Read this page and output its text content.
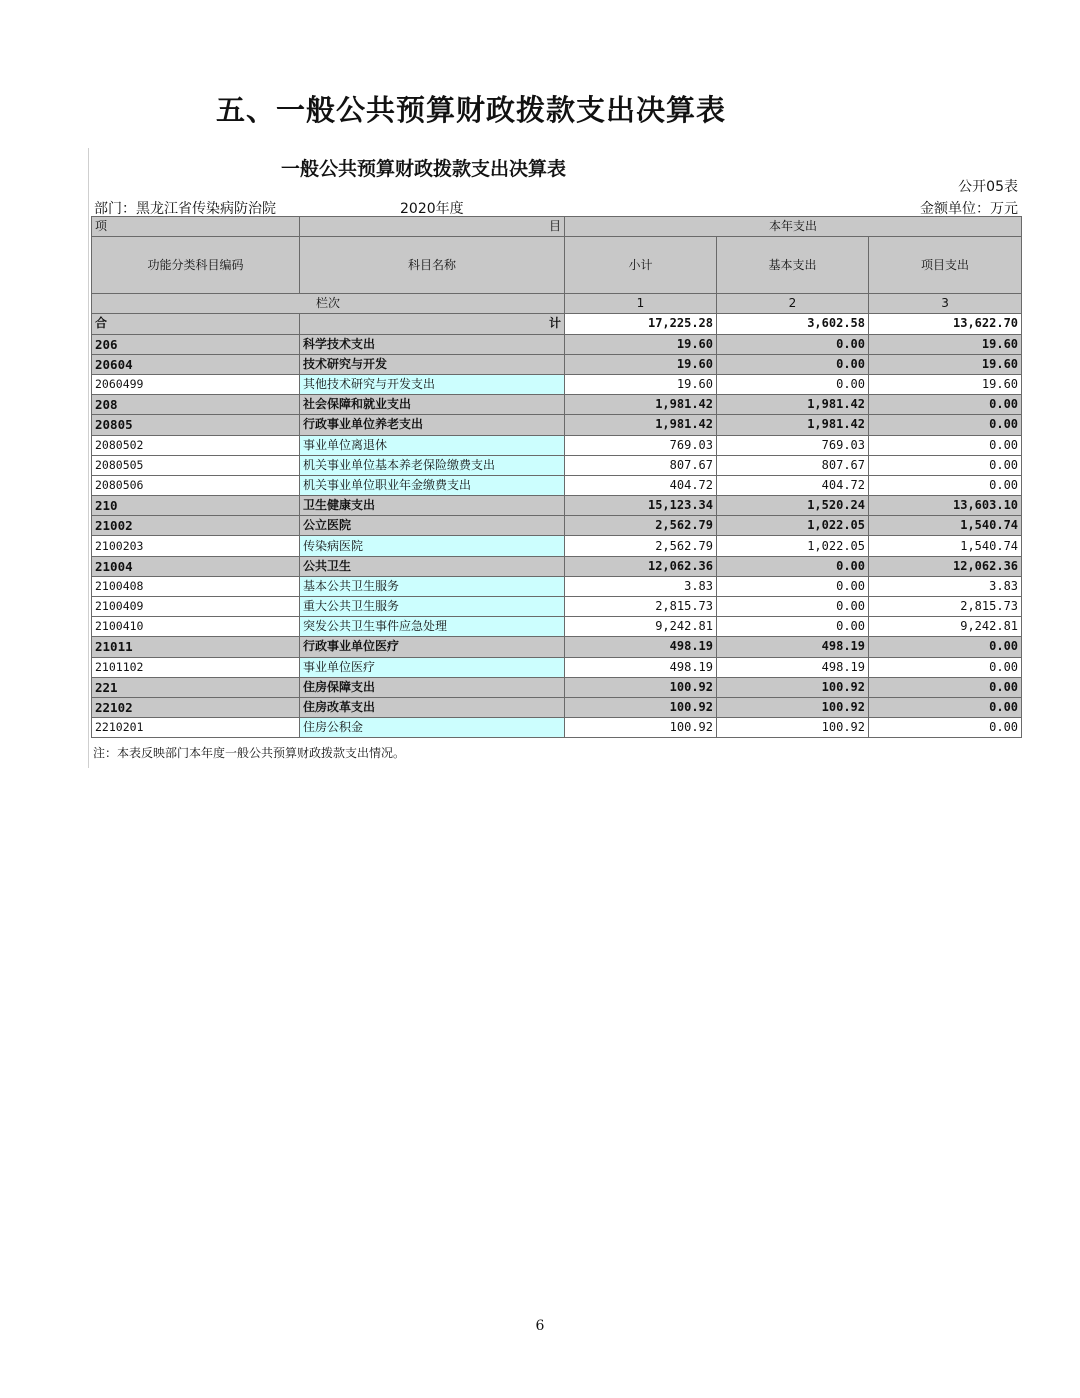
五、一般公共预算财政拨款支出决算表
一般公共预算财政拨款支出决算表
公开05表
部门：黑龙江省传染病防治院	2020年度	金额单位：万元
项	目	本年支出		
功能分类科目编码	科目名称	小计	基本支出	项目支出
栏次		1	2	3
合	计	17,225.28	3,602.58	13,622.70
206	科学技术支出	19.60	0.00	19.60
20604	技术研究与开发	19.60	0.00	19.60
2060499	其他技术研究与开发支出	19.60	0.00	19.60
208	社会保障和就业支出	1,981.42	1,981.42	0.00
20805	行政事业单位养老支出	1,981.42	1,981.42	0.00
2080502	事业单位离退休	769.03	769.03	0.00
2080505	机关事业单位基本养老保险缴费支出	807.67	807.67	0.00
2080506	机关事业单位职业年金缴费支出	404.72	404.72	0.00
210	卫生健康支出	15,123.34	1,520.24	13,603.10
21002	公立医院	2,562.79	1,022.05	1,540.74
2100203	传染病医院	2,562.79	1,022.05	1,540.74
21004	公共卫生	12,062.36	0.00	12,062.36
2100408	基本公共卫生服务	3.83	0.00	3.83
2100409	重大公共卫生服务	2,815.73	0.00	2,815.73
2100410	突发公共卫生事件应急处理	9,242.81	0.00	9,242.81
21011	行政事业单位医疗	498.19	498.19	0.00
2101102	事业单位医疗	498.19	498.19	0.00
221	住房保障支出	100.92	100.92	0.00
22102	住房改革支出	100.92	100.92	0.00
2210201	住房公积金	100.92	100.92	0.00
注：本表反映部门本年度一般公共预算财政拨款支出情况。
6
